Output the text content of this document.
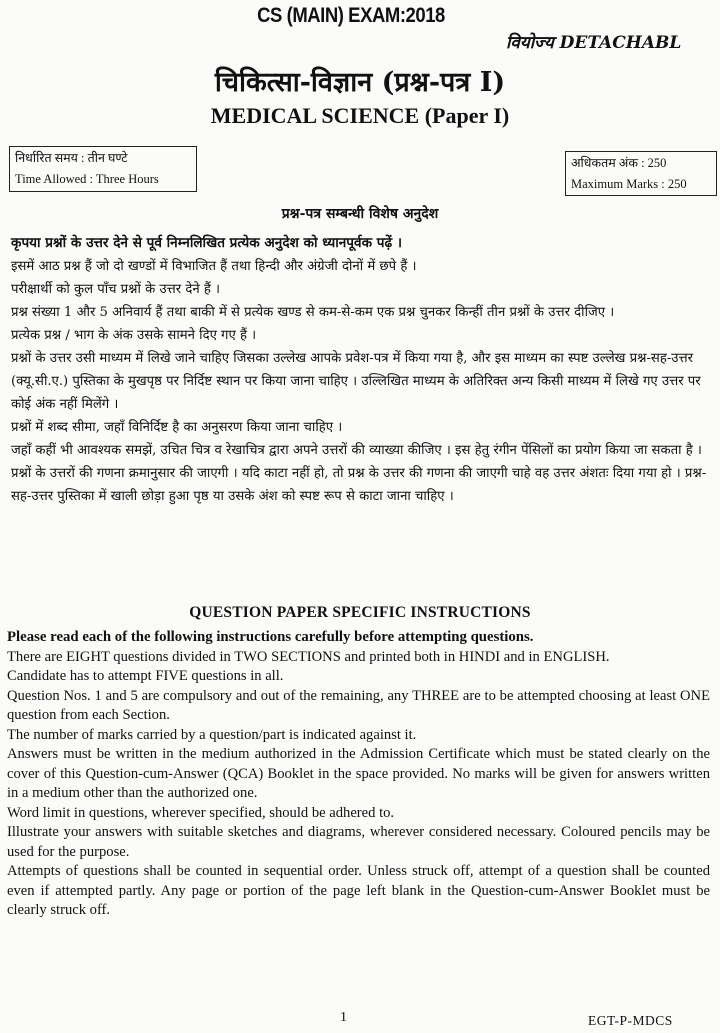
CS (MAIN) EXAM:2018
वियोज्य DETACHABL
चिकित्सा-विज्ञान (प्रश्न-पत्र I)
MEDICAL SCIENCE (Paper I)
निर्धारित समय : तीन घण्टे
Time Allowed : Three Hours
अधिकतम अंक : 250
Maximum Marks : 250
प्रश्न-पत्र सम्बन्धी विशेष अनुदेश

कृपया प्रश्नों के उत्तर देने से पूर्व निम्नलिखित प्रत्येक अनुदेश को ध्यानपूर्वक पढ़ें ।

इसमें आठ प्रश्न हैं जो दो खण्डों में विभाजित हैं तथा हिन्दी और अंग्रेजी दोनों में छपे हैं ।

परीक्षार्थी को कुल पाँच प्रश्नों के उत्तर देने हैं ।

प्रश्न संख्या 1 और 5 अनिवार्य हैं तथा बाकी में से प्रत्येक खण्ड से कम-से-कम एक प्रश्न चुनकर किन्हीं तीन प्रश्नों के उत्तर दीजिए ।

प्रत्येक प्रश्न / भाग के अंक उसके सामने दिए गए हैं ।

प्रश्नों के उत्तर उसी माध्यम में लिखे जाने चाहिए जिसका उल्लेख आपके प्रवेश-पत्र में किया गया है, और इस माध्यम का स्पष्ट उल्लेख प्रश्न-सह-उत्तर (क्यू.सी.ए.) पुस्तिका के मुखपृष्ठ पर निर्दिष्ट स्थान पर किया जाना चाहिए । उल्लिखित माध्यम के अतिरिक्त अन्य किसी माध्यम में लिखे गए उत्तर पर कोई अंक नहीं मिलेंगे ।

प्रश्नों में शब्द सीमा, जहाँ विनिर्दिष्ट है का अनुसरण किया जाना चाहिए ।

जहाँ कहीं भी आवश्यक समझें, उचित चित्र व रेखाचित्र द्वारा अपने उत्तरों की व्याख्या कीजिए । इस हेतु रंगीन पेंसिलों का प्रयोग किया जा सकता है ।

प्रश्नों के उत्तरों की गणना क्रमानुसार की जाएगी । यदि काटा नहीं हो, तो प्रश्न के उत्तर की गणना की जाएगी चाहे वह उत्तर अंशतः दिया गया हो । प्रश्न-सह-उत्तर पुस्तिका में खाली छोड़ा हुआ पृष्ठ या उसके अंश को स्पष्ट रूप से काटा जाना चाहिए ।

QUESTION PAPER SPECIFIC INSTRUCTIONS

Please read each of the following instructions carefully before attempting questions.

There are EIGHT questions divided in TWO SECTIONS and printed both in HINDI and in ENGLISH.

Candidate has to attempt FIVE questions in all.

Question Nos. 1 and 5 are compulsory and out of the remaining, any THREE are to be attempted choosing at least ONE question from each Section.

The number of marks carried by a question/part is indicated against it.

Answers must be written in the medium authorized in the Admission Certificate which must be stated clearly on the cover of this Question-cum-Answer (QCA) Booklet in the space provided. No marks will be given for answers written in a medium other than the authorized one.

Word limit in questions, wherever specified, should be adhered to.

Illustrate your answers with suitable sketches and diagrams, wherever considered necessary. Coloured pencils may be used for the purpose.

Attempts of questions shall be counted in sequential order. Unless struck off, attempt of a question shall be counted even if attempted partly. Any page or portion of the page left blank in the Question-cum-Answer Booklet must be clearly struck off.

1	EGT-P-MDCS
